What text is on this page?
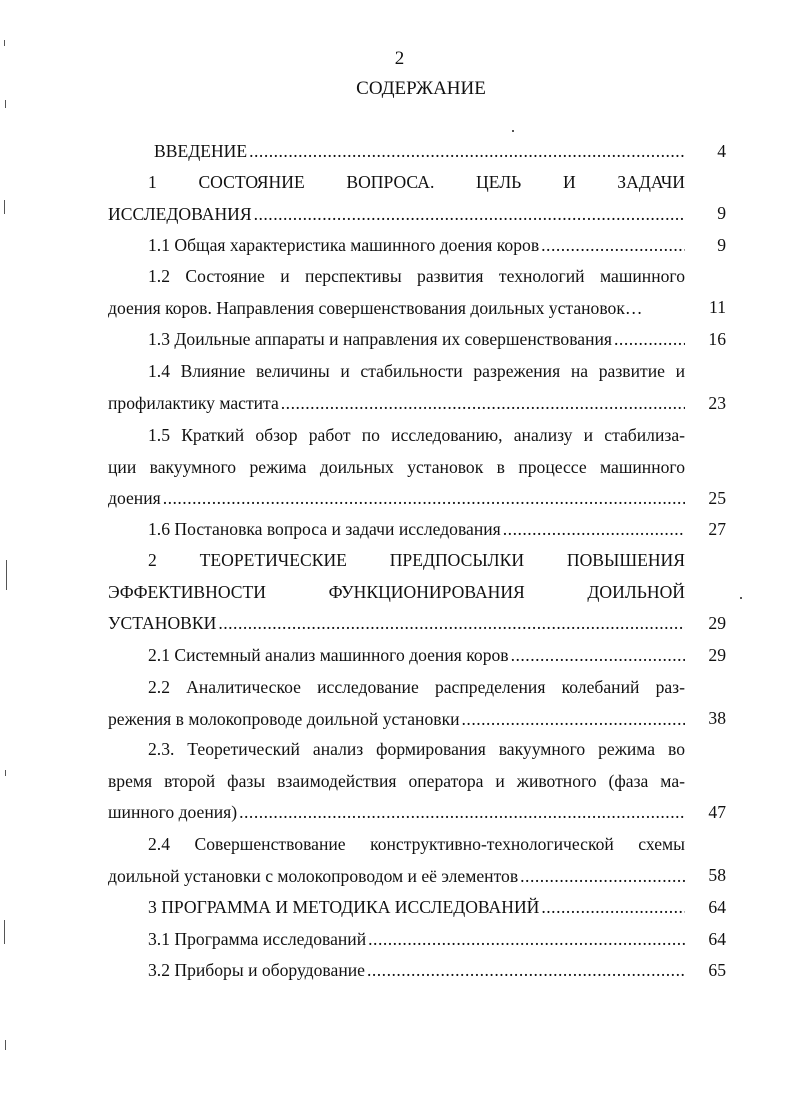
2
СОДЕРЖАНИЕ
ВВЕДЕНИЕ .....	4
1 СОСТОЯНИЕ ВОПРОСА. ЦЕЛЬ И ЗАДАЧИ
ИССЛЕДОВАНИЯ .....	9
1.1 Общая характеристика машинного доения коров .....	9
1.2 Состояние и перспективы развития технологий машинного
доения коров. Направления совершенствования доильных установок…	11
1.3 Доильные аппараты и направления их совершенствования .....	16
1.4 Влияние величины и стабильности разрежения на развитие и
профилактику мастита .....	23
1.5 Краткий обзор работ по исследованию, анализу и стабилиза-
ции вакуумного режима доильных установок в процессе машинного
доения .....	25
1.6 Постановка вопроса и задачи исследования .....	27
2 ТЕОРЕТИЧЕСКИЕ ПРЕДПОСЫЛКИ ПОВЫШЕНИЯ
ЭФФЕКТИВНОСТИ ФУНКЦИОНИРОВАНИЯ ДОИЛЬНОЙ
УСТАНОВКИ .....	29
2.1 Системный анализ машинного доения коров .....	29
2.2 Аналитическое исследование распределения колебаний раз-
режения в молокопроводе доильной установки .....	38
2.3. Теоретический анализ формирования вакуумного режима во
время второй фазы взаимодействия оператора и животного (фаза ма-
шинного доения) .....	47
2.4 Совершенствование конструктивно-технологической схемы
доильной установки с молокопроводом и её элементов .....	58
3 ПРОГРАММА И МЕТОДИКА ИССЛЕДОВАНИЙ .....	64
3.1 Программа исследований .....	64
3.2 Приборы и оборудование .....	65
